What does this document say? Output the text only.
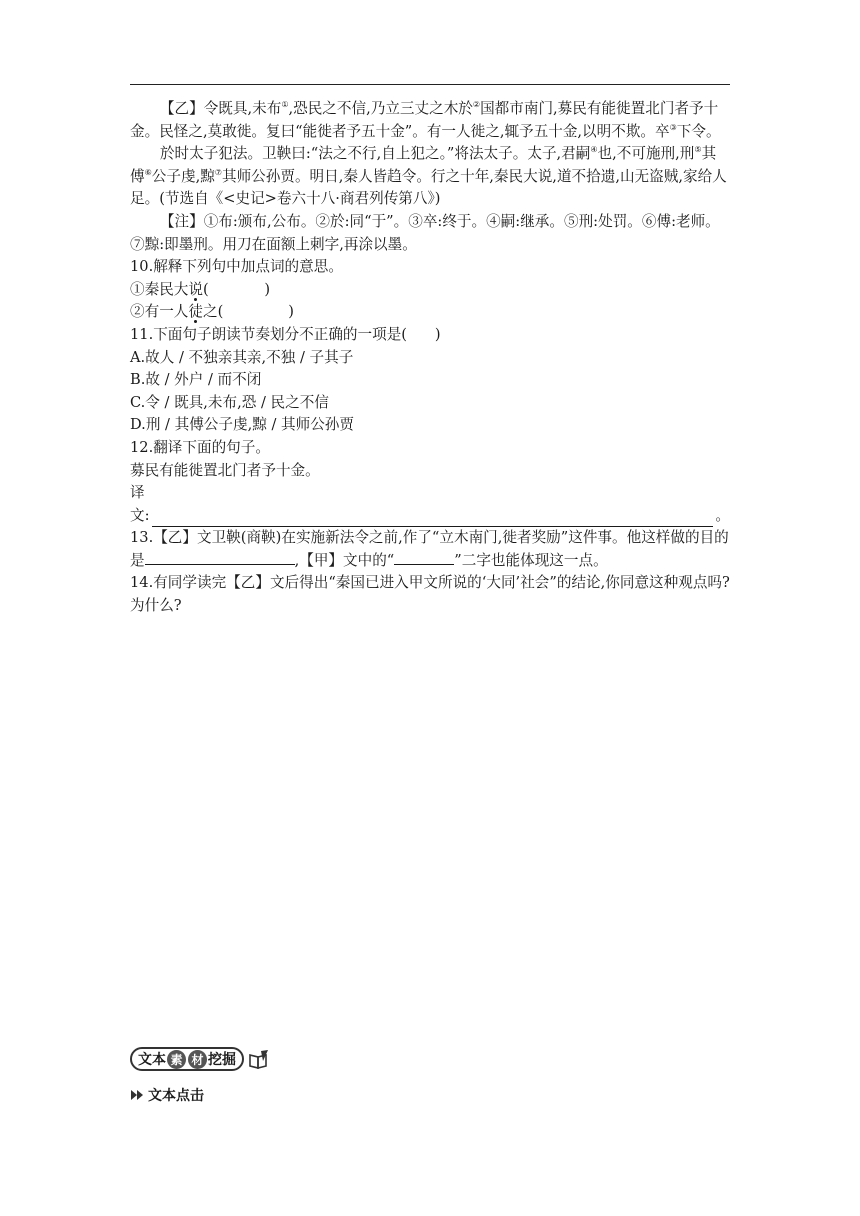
【乙】令既具,未布①,恐民之不信,乃立三丈之木於②国都市南门,募民有能徙置北门者予十金。民怪之,莫敢徙。复曰“能徙者予五十金”。有一人徙之,辄予五十金,以明不欺。卒③下令。

於时太子犯法。卫鞅曰:“法之不行,自上犯之。”将法太子。太子,君嗣④也,不可施刑,刑⑤其傅⑥公子虔,黥⑦其师公孙贾。明日,秦人皆趋令。行之十年,秦民大说,道不拾遗,山无盗贼,家给人足。(节选自《<史记>卷六十八·商君列传第八》)

【注】①布:颁布,公布。②於:同“于”。③卒:终于。④嗣:继承。⑤刑:处罚。⑥傅:老师。⑦黥:即墨刑。用刀在面额上刺字,再涂以墨。

10.解释下列句中加点词的意思。

①秦民大说(            )

②有一人徒之(              )

11.下面句子朗读节奏划分不正确的一项是(      )

A.故人 / 不独亲其亲,不独 / 子其子

B.故 / 外户 / 而不闭

C.令 / 既具,未布,恐 / 民之不信

D.刑 / 其傅公子虔,黥 / 其师公孙贾

12.翻译下面的句子。

募民有能徙置北门者予十金。

译

文:	。

13.【乙】文卫鞅(商鞅)在实施新法令之前,作了“立木南门,徙者奖励”这件事。他这样做的目的是	,【甲】文中的“	”二字也能体现这一点。

14.有同学读完【乙】文后得出“秦国已进入甲文所说的‘大同’社会”的结论,你同意这种观点吗?为什么?

文本 素 材 挖掘
文本点击
